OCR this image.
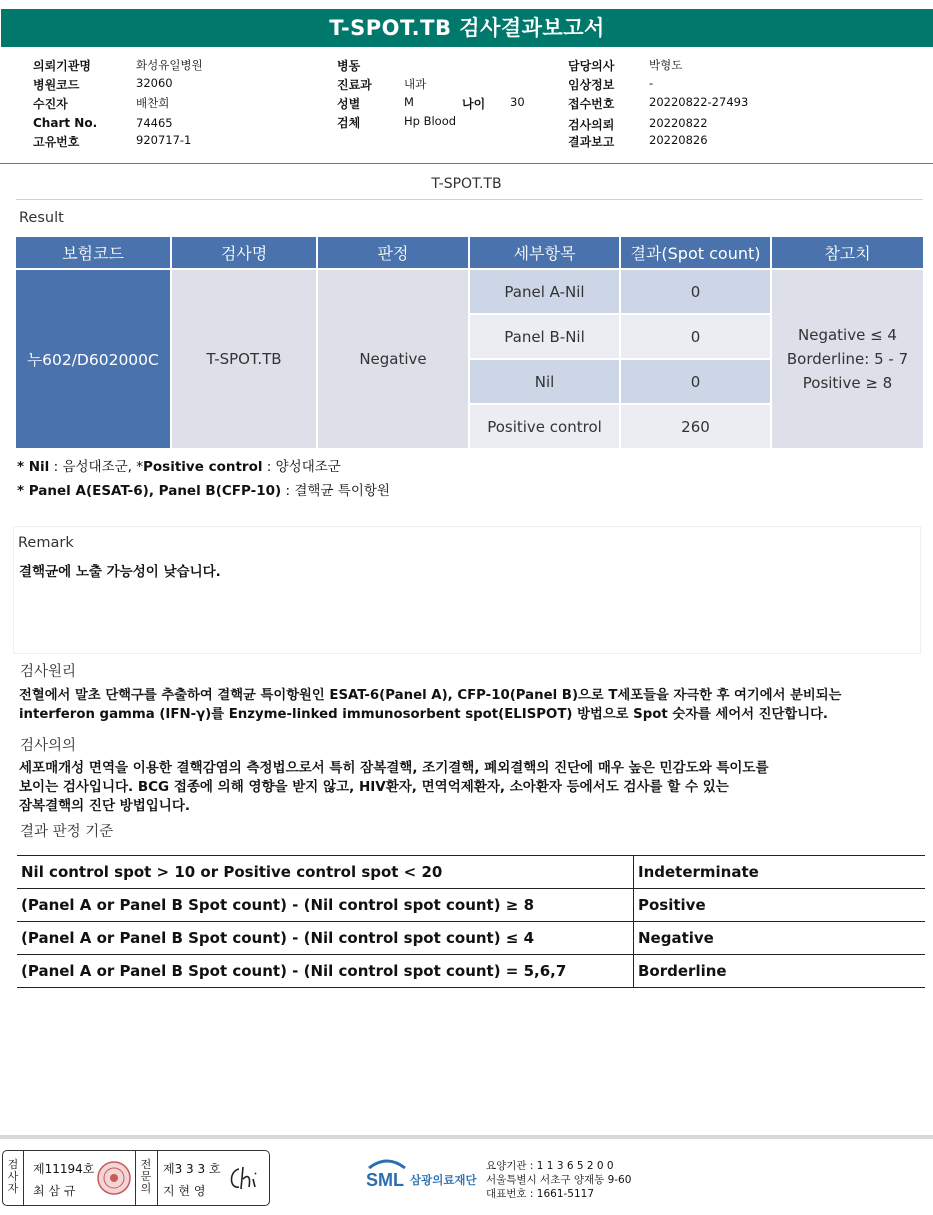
T-SPOT.TB 검사결과보고서
의뢰기관명	화성유일병원
병원코드	32060
수진자	배찬희
Chart No.	74465
고유번호	920717-1
병동
진료과	내과
성별	M	나이 30
검체	Hp Blood
담당의사	박형도
임상정보	-
접수번호	20220822-27493
검사의뢰	20220822
결과보고	20220826
T-SPOT.TB
Result
보험코드	검사명	판정	세부항목	결과(Spot count)	참고치
누602/D602000C	T-SPOT.TB	Negative	Panel A-Nil	0	Negative ≤ 4
Borderline: 5 - 7
Positive ≥ 8

			Panel B-Nil	0	
			Nil	0	
			Positive control	260	
* Nil : 음성대조군, *Positive control : 양성대조군
* Panel A(ESAT-6), Panel B(CFP-10) : 결핵균 특이항원
Remark
결핵균에 노출 가능성이 낮습니다.
검사원리
전혈에서 말초 단핵구를 추출하여 결핵균 특이항원인 ESAT-6(Panel A), CFP-10(Panel B)으로 T세포들을 자극한 후 여기에서 분비되는
interferon gamma (IFN-γ)를 Enzyme-linked immunosorbent spot(ELISPOT) 방법으로 Spot 숫자를 세어서 진단합니다.
검사의의
세포매개성 면역을 이용한 결핵감염의 측정법으로서 특히 잠복결핵, 조기결핵, 폐외결핵의 진단에 매우 높은 민감도와 특이도를
보이는 검사입니다. BCG 접종에 의해 영향을 받지 않고, HIV환자, 면역억제환자, 소아환자 등에서도 검사를 할 수 있는
잠복결핵의 진단 방법입니다.
결과 판정 기준
Nil control spot > 10 or Positive control spot < 20	Indeterminate
(Panel A or Panel B Spot count) - (Nil control spot count) ≥ 8	Positive
(Panel A or Panel B Spot count) - (Nil control spot count) ≤ 4	Negative
(Panel A or Panel B Spot count) - (Nil control spot count) = 5,6,7	Borderline
검
사
자
제11194호
최 삼 규
전
문
의
제3 3 3 호
지 현 영
SML 삼광의료재단
요양기관 : 1 1 3 6 5 2 0 0
서울특별시 서초구 양재동 9-60
대표번호 : 1661-5117
